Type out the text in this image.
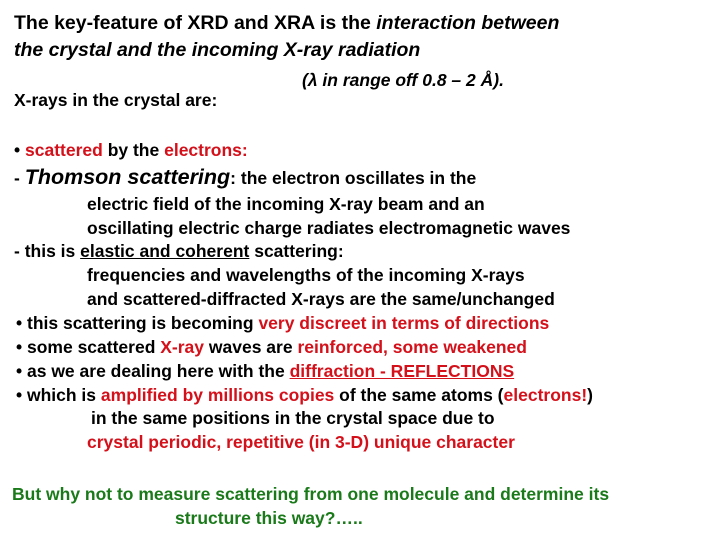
The key-feature of XRD and XRA is the interaction between
the crystal and the incoming X-ray radiation
(λ in range off 0.8 – 2 Å).
X-rays in the crystal are:
• scattered by the electrons:
- Thomson scattering: the electron oscillates in the
electric field of the incoming X-ray beam and an
oscillating electric charge radiates electromagnetic waves
- this is elastic and coherent scattering:
frequencies and wavelengths of the incoming X-rays
and scattered-diffracted X-rays are the same/unchanged
• this scattering is becoming very discreet in terms of directions
• some scattered X-ray waves are reinforced, some weakened
• as we are dealing here with the diffraction - REFLECTIONS
• which is amplified by millions copies of the same atoms (electrons!)
in the same positions in the crystal space due to
crystal periodic, repetitive (in 3-D) unique character
But why not to measure scattering from one molecule and determine its
structure this way?…..
